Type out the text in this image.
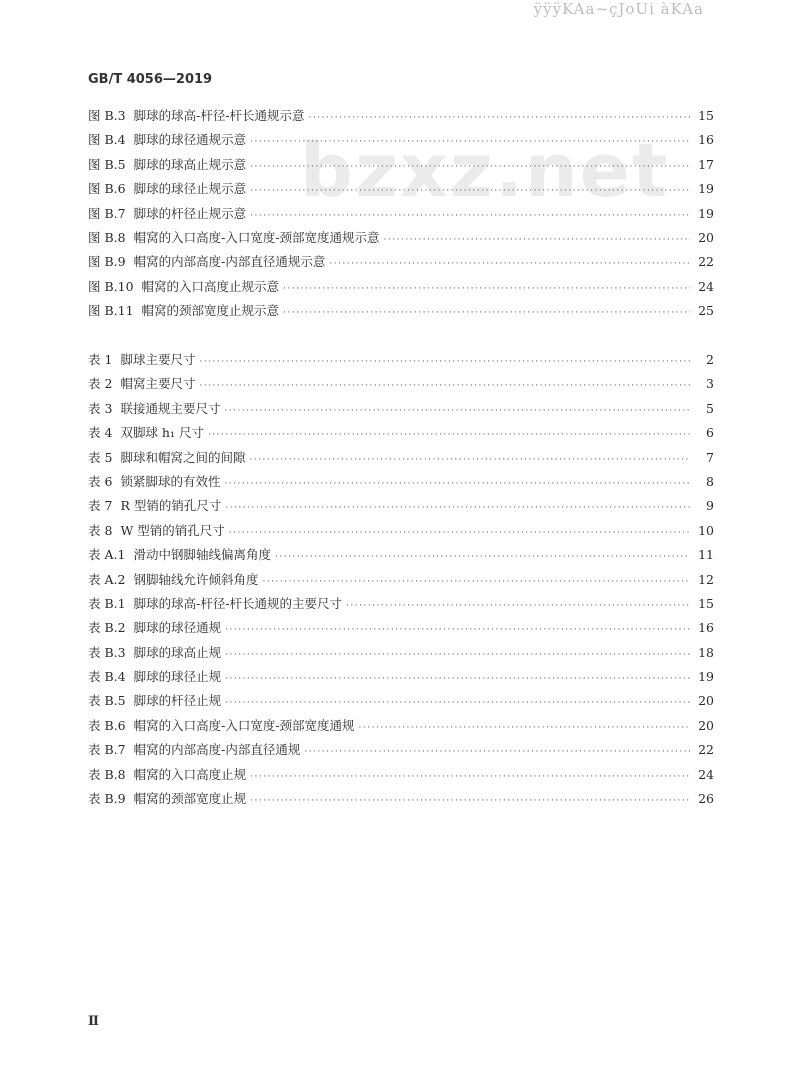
ÿÿÿKAa~çJoUi àKAa
bzxz.net
GB/T 4056—2019
图 B.3 脚球的球高-杆径-杆长通规示意 ·····	15
图 B.4 脚球的球径通规示意 ·····	16
图 B.5 脚球的球高止规示意 ·····	17
图 B.6 脚球的球径止规示意 ·····	19
图 B.7 脚球的杆径止规示意 ·····	19
图 B.8 帽窝的入口高度-入口宽度-颈部宽度通规示意 ·····	20
图 B.9 帽窝的内部高度-内部直径通规示意 ·····	22
图 B.10 帽窝的入口高度止规示意 ·····	24
图 B.11 帽窝的颈部宽度止规示意 ·····	25
表 1 脚球主要尺寸 ·····	2
表 2 帽窝主要尺寸 ·····	3
表 3 联接通规主要尺寸 ·····	5
表 4 双脚球 h₁ 尺寸 ·····	6
表 5 脚球和帽窝之间的间隙 ·····	7
表 6 锁紧脚球的有效性 ·····	8
表 7 R 型销的销孔尺寸 ·····	9
表 8 W 型销的销孔尺寸 ·····	10
表 A.1 滑动中钢脚轴线偏离角度 ·····	11
表 A.2 钢脚轴线允许倾斜角度 ·····	12
表 B.1 脚球的球高-杆径-杆长通规的主要尺寸 ·····	15
表 B.2 脚球的球径通规 ·····	16
表 B.3 脚球的球高止规 ·····	18
表 B.4 脚球的球径止规 ·····	19
表 B.5 脚球的杆径止规 ·····	20
表 B.6 帽窝的入口高度-入口宽度-颈部宽度通规 ·····	20
表 B.7 帽窝的内部高度-内部直径通规 ·····	22
表 B.8 帽窝的入口高度止规 ·····	24
表 B.9 帽窝的颈部宽度止规 ·····	26
Ⅱ
